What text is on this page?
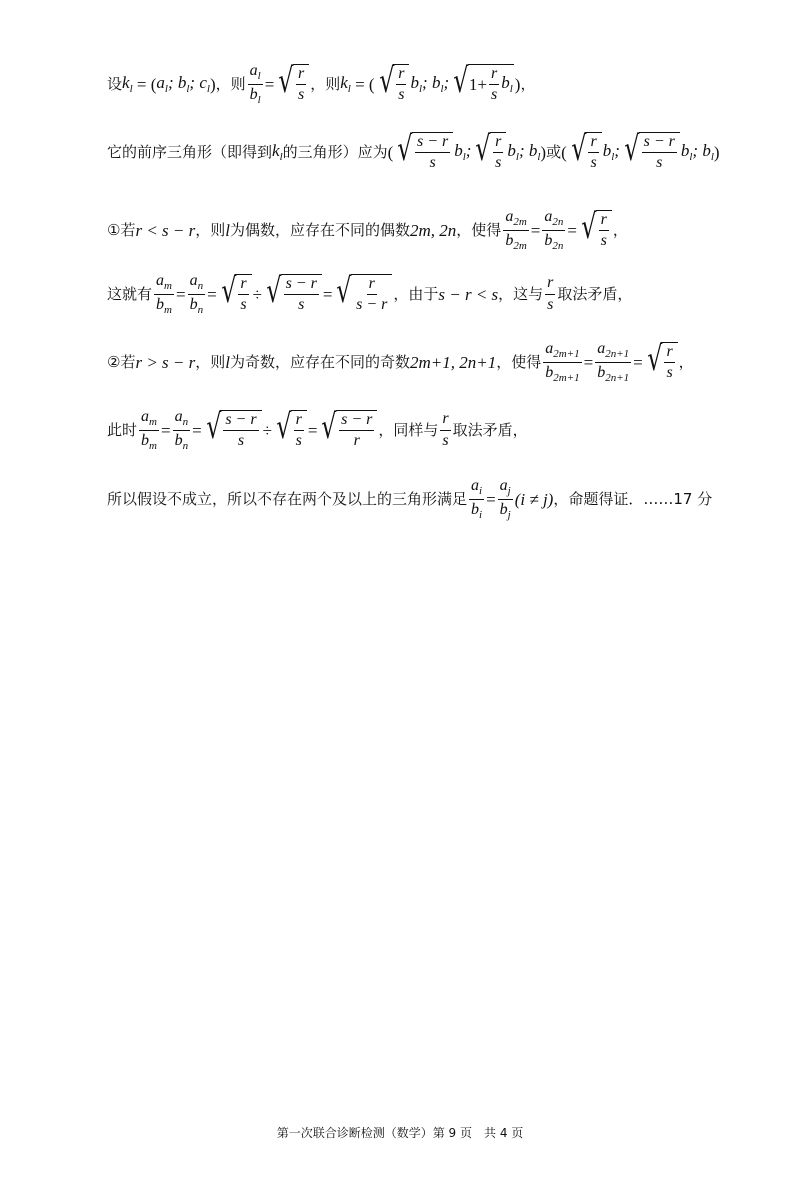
设 $k_l$ = ( $a_l$; $b_l$; $c_l$ ) ，则 $\frac{a_l}{b_l}$ = √ $\frac{r}{s}$ ，则 $k_l$ = ( √ $\frac{r}{s} b_l$; $b_l$; √ $1+ \frac{r}{s} b_l$ ) ，
它的前序三角形（即得到 $k_l$ 的三角形）应为 ( √ $\frac{s - r}{s} b_l$; √ $\frac{r}{s} b_l$; $b_l$ ) 或 ( √ $\frac{r}{s} b_l$; √ $\frac{s - r}{s} b_l$; $b_l$ )
①若 r < s − r ，则 l 为偶数，应存在不同的偶数 2m, 2n ，使得 $\frac{a_{2m}}{b_{2m}} = \frac{a_{2n}}{b_{2n}}$ = √ $\frac{r}{s}$ ，
这就有 $\frac{a_m}{b_m} = \frac{a_n}{b_n}$ = √ $\frac{r}{s}$ ÷ √ $\frac{s - r}{s}$ = √ $\frac{r}{s - r}$ ，由于 s − r < s ，这与 $\frac{r}{s}$ 取法矛盾，
②若 r > s − r ，则 l 为奇数，应存在不同的奇数 2m+1, 2n+1 ，使得 $\frac{a_{2m+1}}{b_{2m+1}} = \frac{a_{2n+1}}{b_{2n+1}}$ = √ $\frac{r}{s}$ ，
此时 $\frac{a_m}{b_m} = \frac{a_n}{b_n}$ = √ $\frac{s - r}{s}$ ÷ √ $\frac{r}{s}$ = √ $\frac{s - r}{r}$ ，同样与 $\frac{r}{s}$ 取法矛盾，
所以假设不成立，所以不存在两个及以上的三角形满足 $\frac{a_i}{b_i} = \frac{a_j}{b_j} (i \ne j)$ ，命题得证．……17 分
第一次联合诊断检测（数学）第 9 页　共 4 页
